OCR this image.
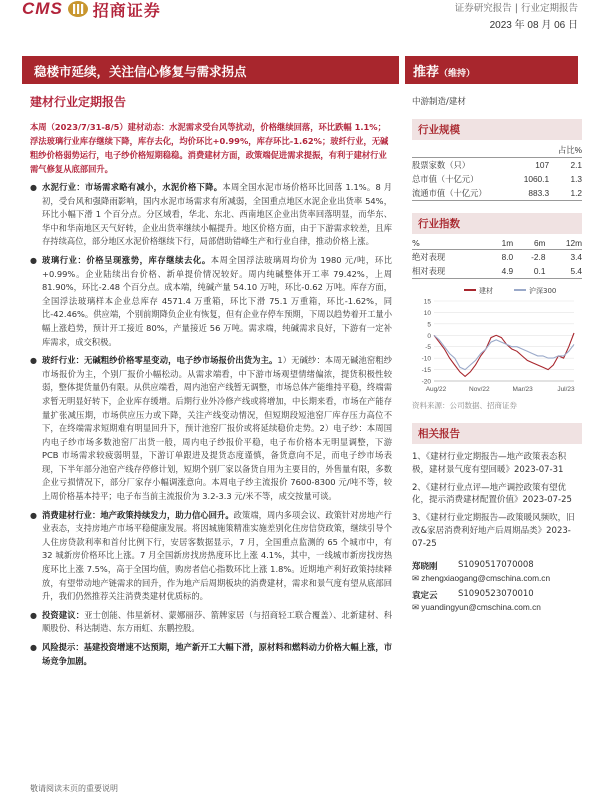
CMS 招商证券	证券研究报告 | 行业定期报告
2023 年 08 月 06 日
稳楼市延续，关注信心修复与需求拐点	推荐（维持）
建材行业定期报告
本周（2023/7/31-8/5）建材动态：水泥需求受台风等扰动，价格继续回落，环比跌幅 1.1%；浮法玻璃行业库存继续下降，库存去化，均价环比+0.99%，库存环比-1.62%；玻纤行业，无碱粗纱价格弱势运行，电子纱价格短期稳稳。消费建材方面，政策端促进需求提振，有利于建材行业需气修复从底部回升。
● 水泥行业：市场需求略有减小，水泥价格下降。本周全国水泥市场价格环比回落 1.1%。8 月初，受台风和强降雨影响，国内水泥市场需求有所减弱，全国重点地区水泥企业出货率 54%，环比小幅下滑 1 个百分点。分区域看，华北、东北、西南地区企业出货率回落明显，而华东、华中和华南地区天气好转，企业出货率继续小幅提升。地区价格方面，由于下游需求较差，且库存持续高位，部分地区水泥价格继续下行，局部借助错峰生产和行业自律，推动价格上涨。
● 玻璃行业：价格呈现涨势，库存继续去化。本周全国浮法玻璃周均价为 1980 元/吨，环比+0.99%。企业陆续出台价格、新单提价情况较好。周内纯碱整体开工率 79.42%，上周 81.90%，环比-2.48 个百分点。成本端，纯碱产量 54.10 万吨，环比-0.62 万吨。库存方面，全国浮法玻璃样本企业总库存 4571.4 万重箱，环比下滑 75.1 万重箱，环比-1.62%，同比-42.46%。供应端，个别前期降负企业有恢复，但有企业存停车预期，下周以趋势着开工量小幅上涨趋势，预计开工接近 80%，产量接近 56 万吨。需求端，纯碱需求良好，下游有一定补库需求，成交积极。
● 玻纤行业：无碱粗纱价格零星变动，电子纱市场报价出货为主。1）无碱纱：本周无碱池窑粗纱市场报价为主，个别厂报价小幅松动。从需求端看，中下游市场观望情绪偏浓，提货积极性较弱，整体提货量仍有限。从供应端看，周内池窑产线暂无调整，市场总体产能维持平稳，终端需求暂无明显好转下，企业库存缓增。后期行业外冷修产线或将增加，中长期来看，市场在产能存量扩张减压期，市场供应压力或下降，关注产线变动情况，但短期段短池窑厂库存压力高位不下，在终端需求短期难有明显回升下，预计池窑厂报价或将延续稳价走势。2）电子纱：本周国内电子纱市场多数池窑厂出货一般，周内电子纱报价平稳，电子布价格本无明显调整，下游 PCB 市场需求较疲弱明显，下游订单跟进及提货态度谨慎，备货意向不足，而电子纱市场表现，下半年部分池窑产线存停修计划，短期个别厂家以备货自用为主要目的，外售量有限，多数企业亏损情况下，部分厂家存小幅调涨意向。本周电子纱主流报价 7600-8300 元/吨不等，较上周价格基本持平；电子布当前主流报价为 3.2-3.3 元/米不等，成交按量可谈。
● 消费建材行业：地产政策持续发力，助力信心回升。政策端，周内多项会议、政策针对房地产行业表态，支持房地产市场平稳健康发展。将因城施策精准实施差别化住房信贷政策，继续引导个人住房贷款利率和首付比例下行，安居客数据显示，7 月，全国重点监测的 65 个城市中，有 32 城新房价格环比上涨。7 月全国新房找房热度环比上涨 4.1%，其中，一线城市新房找房热度环比上涨 7.5%，高于全国均值，购房者信心指数环比上涨 1.8%。近期地产利好政策持续释放，有望带动地产链需求的回升，作为地产后周期板块的消费建材，需求和景气度有望从底部回升，我们仍然推荐关注消费类建材优质标的。
● 投资建议：亚士创能、伟星新材、蒙娜丽莎、箭牌家居（与招商轻工联合覆盖）、北新建材、科顺股份、科达制造、东方雨虹、东鹏控股。
● 风险提示：基建投资增速不达预期，地产新开工大幅下滑，原材料和燃料动力价格大幅上涨，市场竞争加剧。
中游制造/建材
行业规模
		占比%
股票家数（只）	107	2.1
总市值（十亿元）	1060.1	1.3
流通市值（十亿元）	883.3	1.2
行业指数
%	1m	6m	12m
绝对表现	8.0	-2.8	3.4
相对表现	4.9	0.1	5.4
建材	沪深300
15
10
5
0
-5
-10
-15
-20
Aug/22	Nov/22	Mar/23	Jul/23
资料来源：公司数据、招商证券
相关报告
1、《建材行业定期报告—地产政策表态积极，建材景气度有望回暖》2023-07-31
2、《建材行业点评—地产调控政策有望优化，提示消费建材配置价值》2023-07-25
3、《建材行业定期报告—政策暖风频吹，旧改&家居消费利好地产后周期品类》2023-07-25
郑晓刚	S1090517070008
✉ zhengxiaogang@cmschina.com.cn
袁定云	S1090523070010
✉ yuandingyun@cmschina.com.cn
敬请阅读末页的重要说明
